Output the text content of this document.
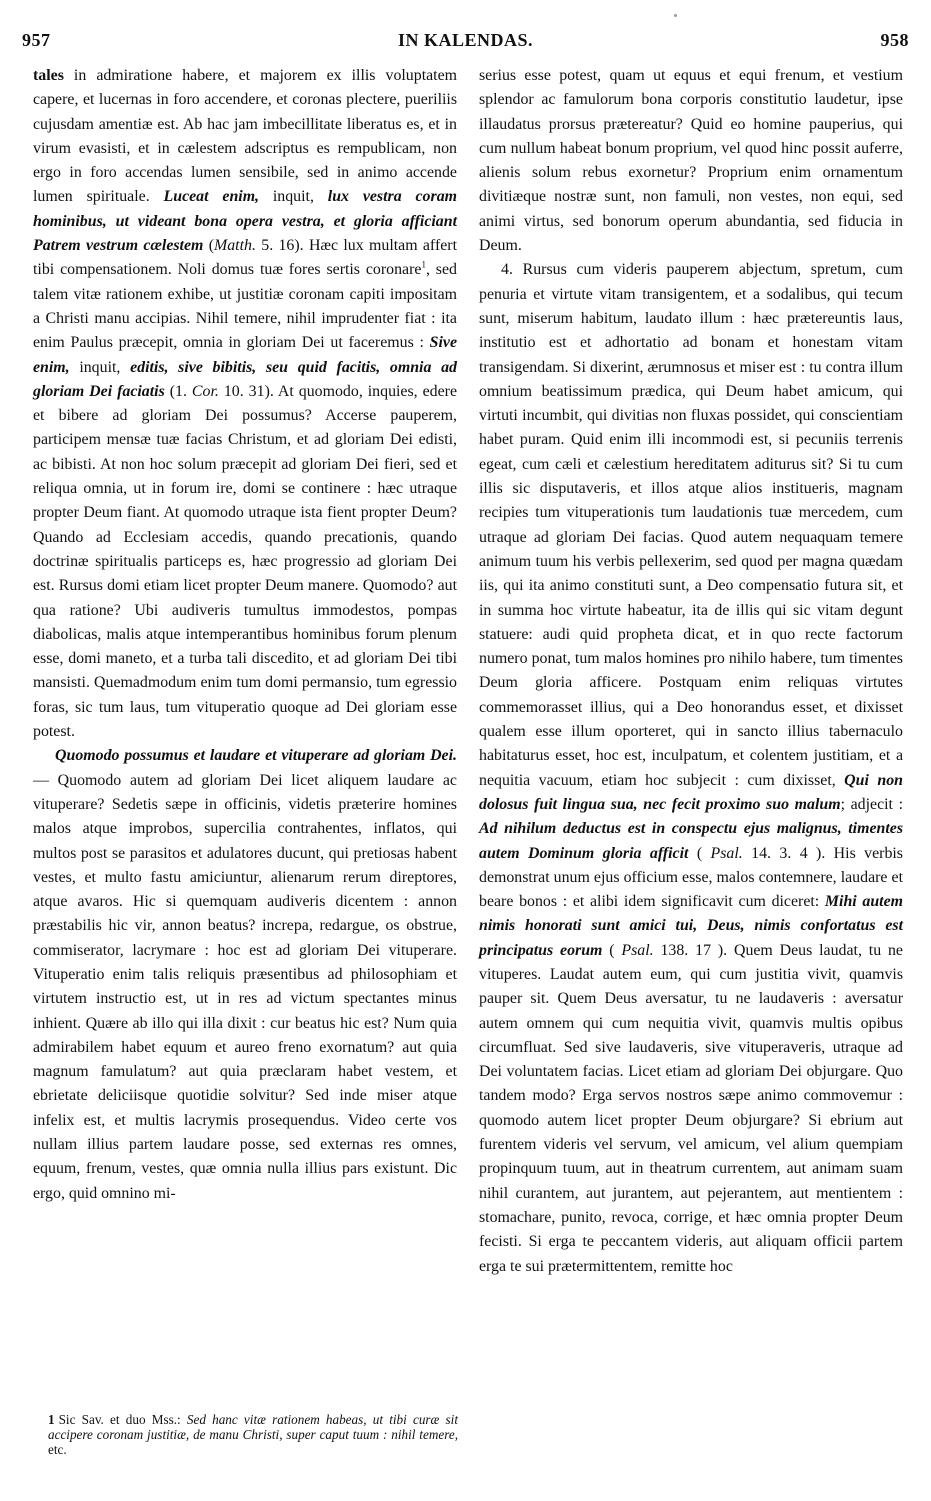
957	IN KALENDAS.	958

tales in admiratione habere, et majorem ex illis voluptatem capere, et lucernas in foro accendere, et coronas plectere, pueriliis cujusdam amentiæ est. Ab hac jam imbecillitate liberatus es, et in virum evasisti, et in cælestem adscriptus es rempublicam, non ergo in foro accendas lumen sensibile, sed in animo accende lumen spirituale. Luceat enim, inquit, lux vestra coram hominibus, ut videant bona opera vestra, et gloria afficiant Patrem vestrum cælestem (Matth. 5. 16). Hæc lux multam affert tibi compensationem. Noli domus tuæ fores sertis coronare$^1$, sed talem vitæ rationem exhibe, ut justitiæ coronam capiti impositam a Christi manu accipias. Nihil temere, nihil imprudenter fiat : ita enim Paulus præcepit, omnia in gloriam Dei ut faceremus : Sive enim, inquit, editis, sive bibitis, seu quid facitis, omnia ad gloriam Dei faciatis (1. Cor. 10. 31). At quomodo, inquies, edere et bibere ad gloriam Dei possumus? Accerse pauperem, participem mensæ tuæ facias Christum, et ad gloriam Dei edisti, ac bibisti. At non hoc solum præcepit ad gloriam Dei fieri, sed et reliqua omnia, ut in forum ire, domi se continere : hæc utraque propter Deum fiant. At quomodo utraque ista fient propter Deum? Quando ad Ecclesiam accedis, quando precationis, quando doctrinæ spiritualis particeps es, hæc progressio ad gloriam Dei est. Rursus domi etiam licet propter Deum manere. Quomodo? aut qua ratione? Ubi audiveris tumultus immodestos, pompas diabolicas, malis atque intemperantibus hominibus forum plenum esse, domi maneto, et a turba tali discedito, et ad gloriam Dei tibi mansisti. Quemadmodum enim tum domi permansio, tum egressio foras, sic tum laus, tum vituperatio quoque ad Dei gloriam esse potest.

Quomodo possumus et laudare et vituperare ad gloriam Dei. — Quomodo autem ad gloriam Dei licet aliquem laudare ac vituperare? Sedetis sæpe in officinis, videtis præterire homines malos atque improbos, supercilia contrahentes, inflatos, qui multos post se parasitos et adulatores ducunt, qui pretiosas habent vestes, et multo fastu amiciuntur, alienarum rerum direptores, atque avaros. Hic si quemquam audiveris dicentem : annon præstabilis hic vir, annon beatus? increpa, redargue, os obstrue, commiserator, lacrymare : hoc est ad gloriam Dei vituperare. Vituperatio enim talis reliquis præsentibus ad philosophiam et virtutem instructio est, ut in res ad victum spectantes minus inhient. Quære ab illo qui illa dixit : cur beatus hic est? Num quia admirabilem habet equum et aureo freno exornatum? aut quia magnum famulatum? aut quia præclaram habet vestem, et ebrietate deliciisque quotidie solvitur? Sed inde miser atque infelix est, et multis lacrymis prosequendus. Video certe vos nullam illius partem laudare posse, sed externas res omnes, equum, frenum, vestes, quæ omnia nulla illius pars existunt. Dic ergo, quid omnino mi-

serius esse potest, quam ut equus et equi frenum, et vestium splendor ac famulorum bona corporis constitutio laudetur, ipse illaudatus prorsus prætereatur? Quid eo homine pauperius, qui cum nullum habeat bonum proprium, vel quod hinc possit auferre, alienis solum rebus exornetur? Proprium enim ornamentum divitiæque nostræ sunt, non famuli, non vestes, non equi, sed animi virtus, sed bonorum operum abundantia, sed fiducia in Deum.

4. Rursus cum videris pauperem abjectum, spretum, cum penuria et virtute vitam transigentem, et a sodalibus, qui tecum sunt, miserum habitum, laudato illum : hæc prætereuntis laus, institutio est et adhortatio ad bonam et honestam vitam transigendam. Si dixerint, ærumnosus et miser est : tu contra illum omnium beatissimum prædica, qui Deum habet amicum, qui virtuti incumbit, qui divitias non fluxas possidet, qui conscientiam habet puram. Quid enim illi incommodi est, si pecuniis terrenis egeat, cum cæli et cælestium hereditatem aditurus sit? Si tu cum illis sic disputaveris, et illos atque alios institueris, magnam recipies tum vituperationis tum laudationis tuæ mercedem, cum utraque ad gloriam Dei facias. Quod autem nequaquam temere animum tuum his verbis pellexerim, sed quod per magna quædam iis, qui ita animo constituti sunt, a Deo compensatio futura sit, et in summa hoc virtute habeatur, ita de illis qui sic vitam degunt statuere: audi quid propheta dicat, et in quo recte factorum numero ponat, tum malos homines pro nihilo habere, tum timentes Deum gloria afficere. Postquam enim reliquas virtutes commemorasset illius, qui a Deo honorandus esset, et dixisset qualem esse illum oporteret, qui in sancto illius tabernaculo habitaturus esset, hoc est, inculpatum, et colentem justitiam, et a nequitia vacuum, etiam hoc subjecit : cum dixisset, Qui non dolosus fuit lingua sua, nec fecit proximo suo malum; adjecit : Ad nihilum deductus est in conspectu ejus malignus, timentes autem Dominum gloria afficit ( Psal. 14. 3. 4 ). His verbis demonstrat unum ejus officium esse, malos contemnere, laudare et beare bonos : et alibi idem significavit cum diceret: Mihi autem nimis honorati sunt amici tui, Deus, nimis confortatus est principatus eorum ( Psal. 138. 17 ). Quem Deus laudat, tu ne vituperes. Laudat autem eum, qui cum justitia vivit, quamvis pauper sit. Quem Deus aversatur, tu ne laudaveris : aversatur autem omnem qui cum nequitia vivit, quamvis multis opibus circumfluat. Sed sive laudaveris, sive vituperaveris, utraque ad Dei voluntatem facias. Licet etiam ad gloriam Dei objurgare. Quo tandem modo? Erga servos nostros sæpe animo commovemur : quomodo autem licet propter Deum objurgare? Si ebrium aut furentem videris vel servum, vel amicum, vel alium quempiam propinquum tuum, aut in theatrum currentem, aut animam suam nihil curantem, aut jurantem, aut pejerantem, aut mentientem : stomachare, punito, revoca, corrige, et hæc omnia propter Deum fecisti. Si erga te peccantem videris, aut aliquam officii partem erga te sui prætermittentem, remitte hoc

1 Sic Sav. et duo Mss.: Sed hanc vitæ rationem habeas, ut tibi curæ sit accipere coronam justitiæ, de manu Christi, super caput tuum : nihil temere, etc.
